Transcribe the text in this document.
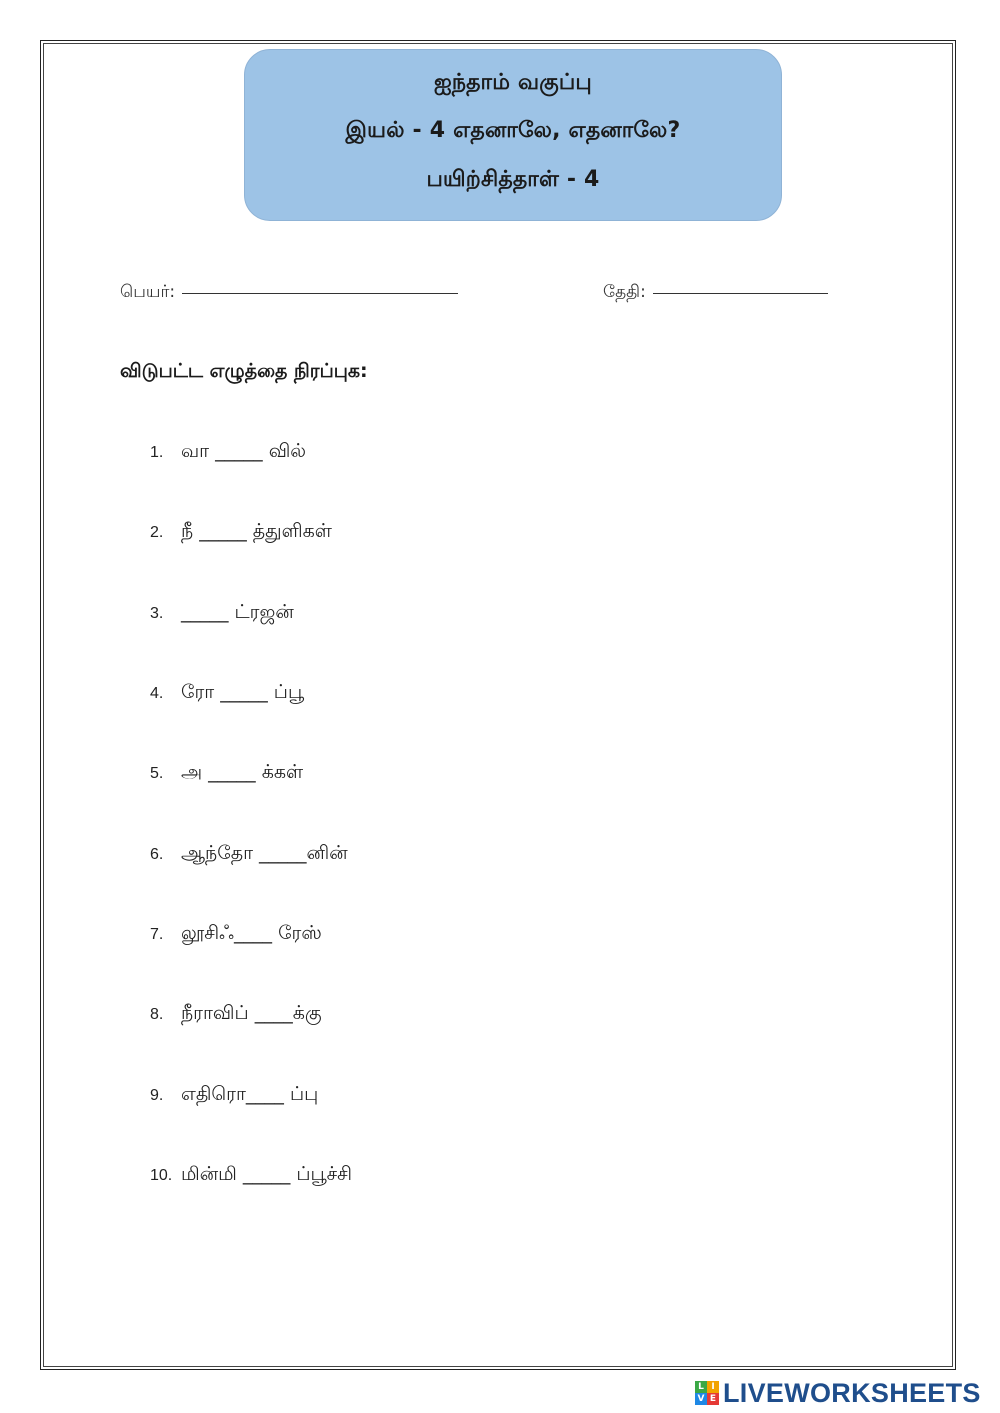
ஐந்தாம் வகுப்பு
இயல் - 4 எதனாலே, எதனாலே?
பயிற்சித்தாள் - 4
பெயர்:	தேதி:
விடுபட்ட எழுத்தை நிரப்புக:
1. வா _____ வில்
2. நீ _____ த்துளிகள்
3. _____ ட்ரஜன்
4. ரோ _____ ப்பூ
5. அ _____ க்கள்
6. ஆந்தோ _____னின்
7. லூசிஃ____ ரேஸ்
8. நீராவிப் ____க்கு
9. எதிரொ____ ப்பு
10. மின்மி _____ ப்பூச்சி
L I
V E LIVEWORKSHEETS
